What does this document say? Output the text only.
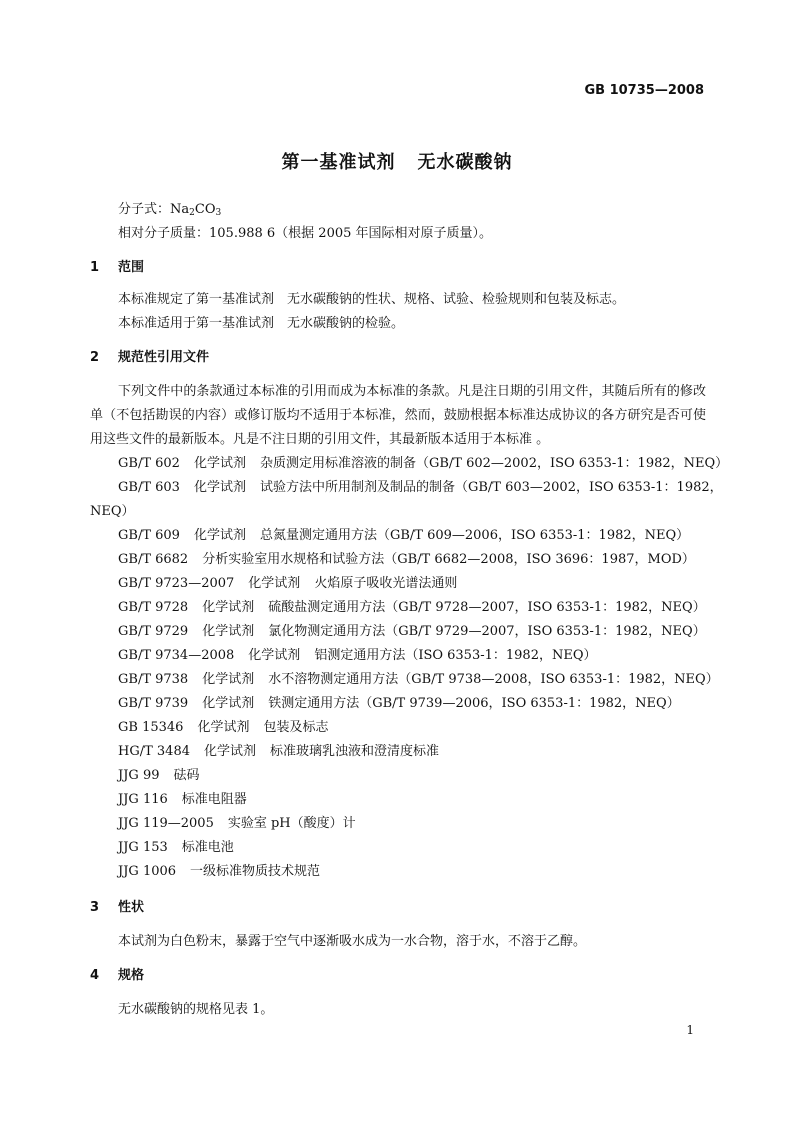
GB 10735—2008
第一基准试剂 无水碳酸钠
分子式：$Na_2CO_3$
相对分子质量：105.988 6（根据 2005 年国际相对原子质量）。
1 范围
本标准规定了第一基准试剂　无水碳酸钠的性状、规格、试验、检验规则和包装及标志。
本标准适用于第一基准试剂　无水碳酸钠的检验。
2 规范性引用文件
下列文件中的条款通过本标准的引用而成为本标准的条款。凡是注日期的引用文件，其随后所有的修改单（不包括勘误的内容）或修订版均不适用于本标准，然而，鼓励根据本标准达成协议的各方研究是否可使用这些文件的最新版本。凡是不注日期的引用文件，其最新版本适用于本标准 。
GB/T 602 化学试剂 杂质测定用标准溶液的制备（GB/T 602—2002，ISO 6353-1：1982，NEQ）
GB/T 603 化学试剂 试验方法中所用制剂及制品的制备（GB/T 603—2002，ISO 6353-1：1982，
NEQ）
GB/T 609 化学试剂 总氮量测定通用方法（GB/T 609—2006，ISO 6353-1：1982，NEQ）
GB/T 6682 分析实验室用水规格和试验方法（GB/T 6682—2008，ISO 3696：1987，MOD）
GB/T 9723—2007 化学试剂 火焰原子吸收光谱法通则
GB/T 9728 化学试剂 硫酸盐测定通用方法（GB/T 9728—2007，ISO 6353-1：1982，NEQ）
GB/T 9729 化学试剂 氯化物测定通用方法（GB/T 9729—2007，ISO 6353-1：1982，NEQ）
GB/T 9734—2008 化学试剂 铝测定通用方法（ISO 6353-1：1982，NEQ）
GB/T 9738 化学试剂 水不溶物测定通用方法（GB/T 9738—2008，ISO 6353-1：1982，NEQ）
GB/T 9739 化学试剂 铁测定通用方法（GB/T 9739—2006，ISO 6353-1：1982，NEQ）
GB 15346 化学试剂 包装及标志
HG/T 3484 化学试剂 标准玻璃乳浊液和澄清度标准
JJG 99 砝码
JJG 116 标准电阻器
JJG 119—2005 实验室 pH（酸度）计
JJG 153 标准电池
JJG 1006 一级标准物质技术规范
3 性状
本试剂为白色粉末，暴露于空气中逐渐吸水成为一水合物，溶于水，不溶于乙醇。
4 规格
无水碳酸钠的规格见表 1。
1
